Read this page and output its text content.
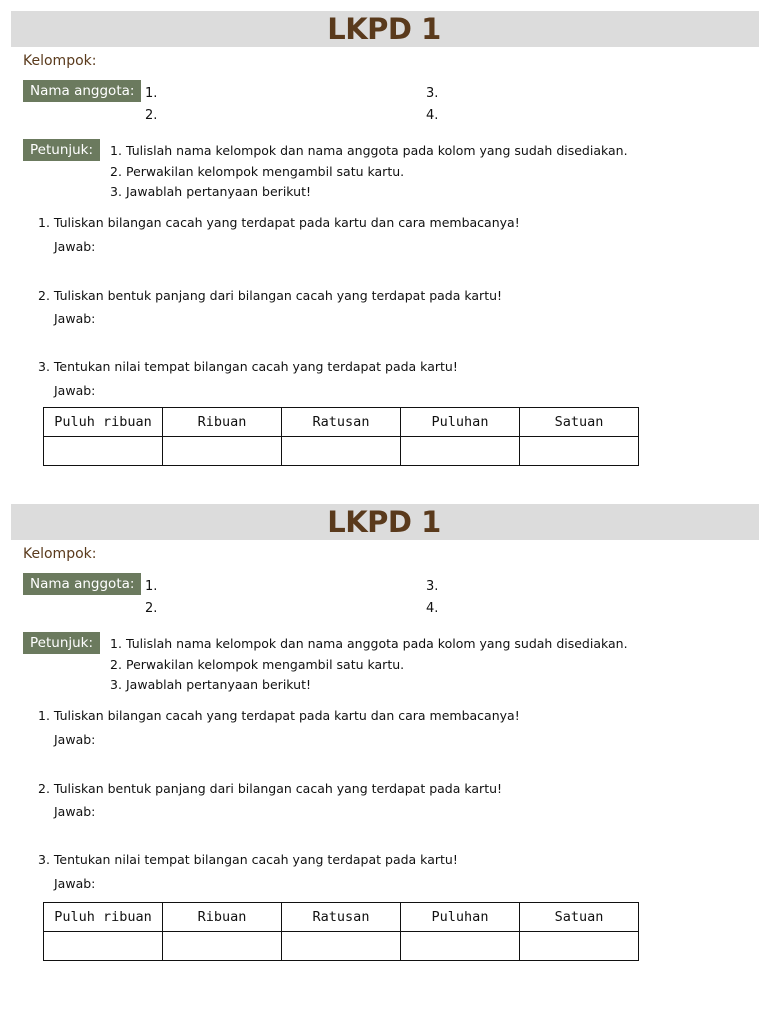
LKPD 1
Kelompok:
Nama anggota: 1.
2.
3.
4.
Petunjuk:	1. Tulislah nama kelompok dan nama anggota pada kolom yang sudah disediakan.
2. Perwakilan kelompok mengambil satu kartu.
3. Jawablah pertanyaan berikut!
1. Tuliskan bilangan cacah yang terdapat pada kartu dan cara membacanya!
Jawab:
2. Tuliskan bentuk panjang dari bilangan cacah yang terdapat pada kartu!
Jawab:
3. Tentukan nilai tempat bilangan cacah yang terdapat pada kartu!
Jawab:
Puluh ribuan	Ribuan	Ratusan	Puluhan	Satuan

LKPD 1
Kelompok:
Nama anggota: 1.
2.
3.
4.
Petunjuk:	1. Tulislah nama kelompok dan nama anggota pada kolom yang sudah disediakan.
2. Perwakilan kelompok mengambil satu kartu.
3. Jawablah pertanyaan berikut!
1. Tuliskan bilangan cacah yang terdapat pada kartu dan cara membacanya!
Jawab:
2. Tuliskan bentuk panjang dari bilangan cacah yang terdapat pada kartu!
Jawab:
3. Tentukan nilai tempat bilangan cacah yang terdapat pada kartu!
Jawab:
Puluh ribuan	Ribuan	Ratusan	Puluhan	Satuan
